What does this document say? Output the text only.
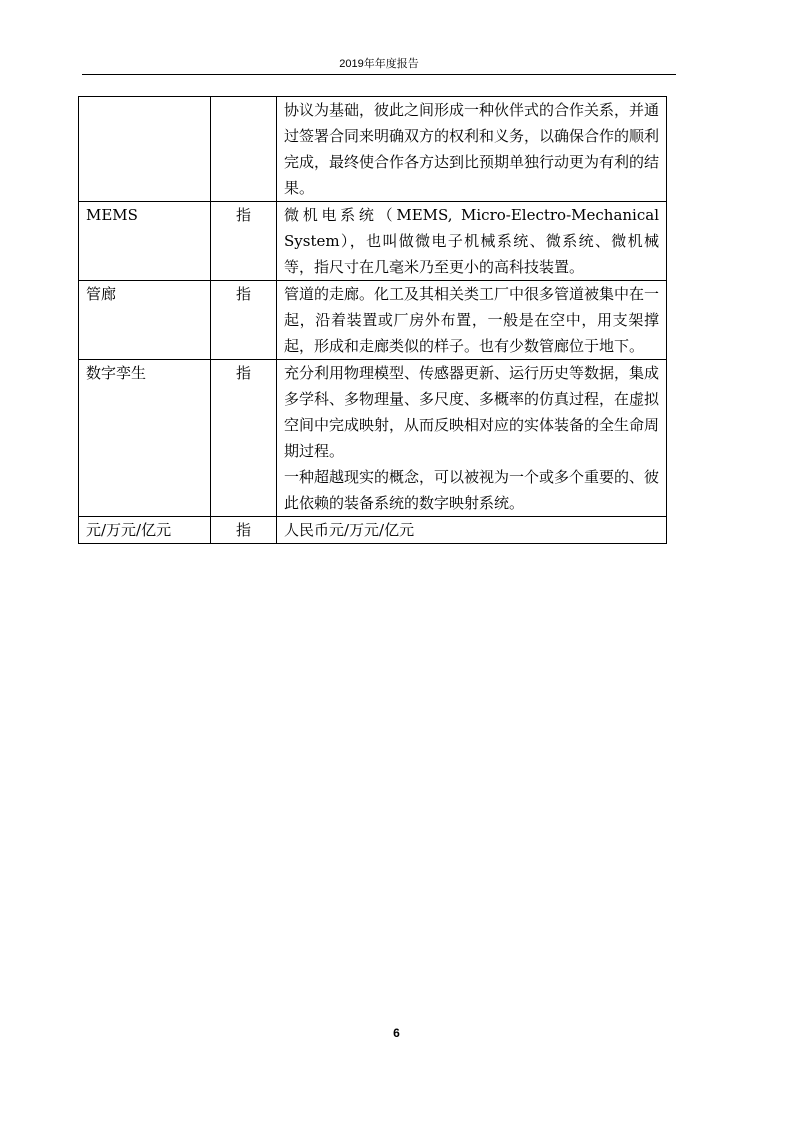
2019年年度报告

		协议为基础，彼此之间形成一种伙伴式的合作关系，并通过签署合同来明确双方的权利和义务，以确保合作的顺利完成，最终使合作各方达到比预期单独行动更为有利的结果。

MEMS	指	微机电系统（MEMS, Micro-Electro-Mechanical System），也叫做微电子机械系统、微系统、微机械等，指尺寸在几毫米乃至更小的高科技装置。

管廊	指	管道的走廊。化工及其相关类工厂中很多管道被集中在一起，沿着装置或厂房外布置，一般是在空中，用支架撑起，形成和走廊类似的样子。也有少数管廊位于地下。

数字孪生	指	充分利用物理模型、传感器更新、运行历史等数据，集成多学科、多物理量、多尺度、多概率的仿真过程，在虚拟空间中完成映射，从而反映相对应的实体装备的全生命周期过程。
一种超越现实的概念，可以被视为一个或多个重要的、彼此依赖的装备系统的数字映射系统。

元/万元/亿元	指	人民币元/万元/亿元
6
